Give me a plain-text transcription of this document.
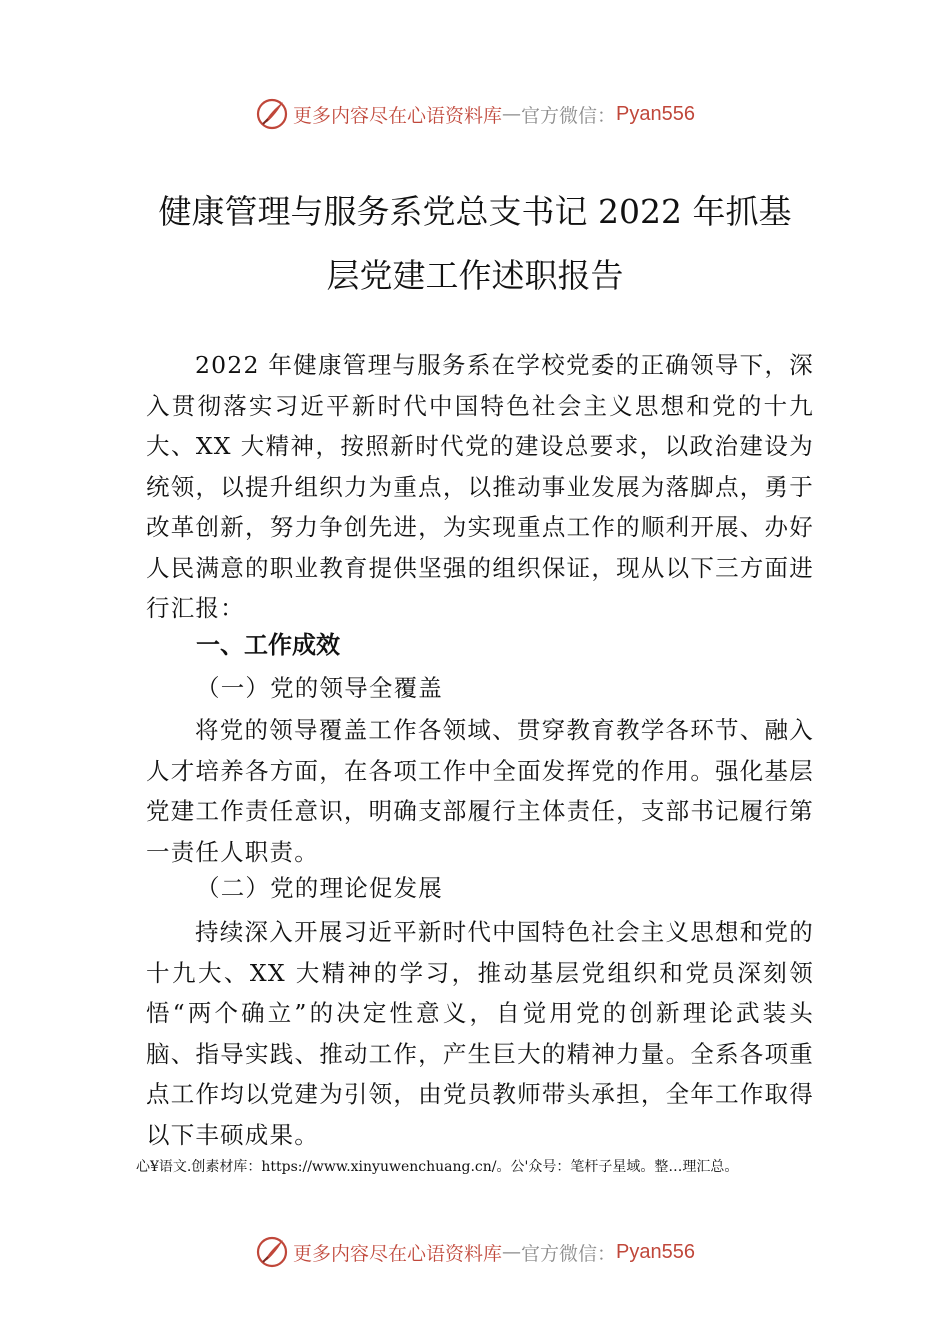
更多内容尽在心语资料库 — 官方微信： Pyan556
健康管理与服务系党总支书记 2022 年抓基
层党建工作述职报告

2022 年健康管理与服务系在学校党委的正确领导下，深入贯彻落实习近平新时代中国特色社会主义思想和党的十九大、XX 大精神，按照新时代党的建设总要求，以政治建设为统领，以提升组织力为重点，以推动事业发展为落脚点，勇于改革创新，努力争创先进，为实现重点工作的顺利开展、办好人民满意的职业教育提供坚强的组织保证，现从以下三方面进行汇报：

一、工作成效
（一）党的领导全覆盖

将党的领导覆盖工作各领域、贯穿教育教学各环节、融入人才培养各方面，在各项工作中全面发挥党的作用。强化基层党建工作责任意识，明确支部履行主体责任，支部书记履行第一责任人职责。

（二）党的理论促发展

持续深入开展习近平新时代中国特色社会主义思想和党的十九大、XX 大精神的学习，推动基层党组织和党员深刻领悟“两个确立”的决定性意义，自觉用党的创新理论武装头脑、指导实践、推动工作，产生巨大的精神力量。全系各项重点工作均以党建为引领，由党员教师带头承担，全年工作取得以下丰硕成果。

心¥语文.创素材库：https://www.xinyuwenchuang.cn/。公'众号：笔杆子星域。整…理汇总。

更多内容尽在心语资料库 — 官方微信： Pyan556
